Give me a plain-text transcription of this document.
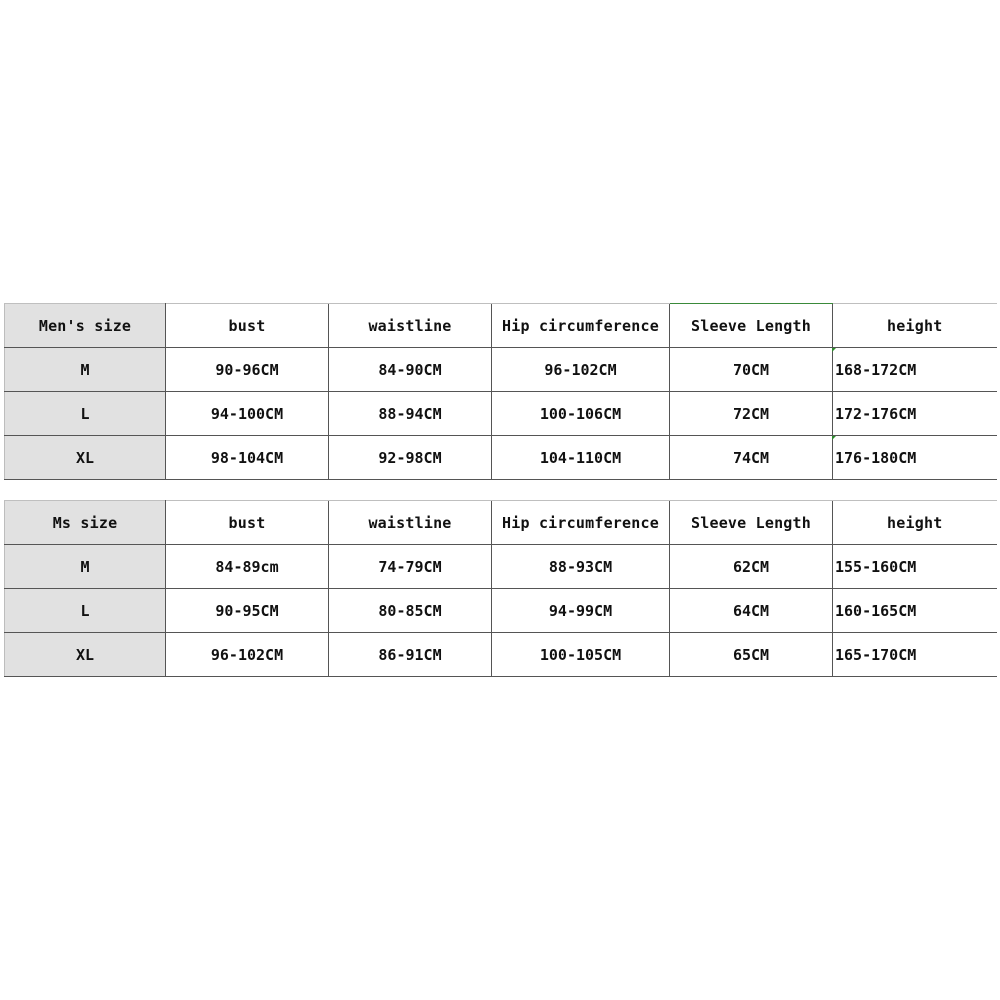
Men's size	bust	waistline	Hip circumference	Sleeve Length	height
M	90-96CM	84-90CM	96-102CM	70CM	168-172CM
L	94-100CM	88-94CM	100-106CM	72CM	172-176CM
XL	98-104CM	92-98CM	104-110CM	74CM	176-180CM
Ms size	bust	waistline	Hip circumference	Sleeve Length	height
M	84-89cm	74-79CM	88-93CM	62CM	155-160CM
L	90-95CM	80-85CM	94-99CM	64CM	160-165CM
XL	96-102CM	86-91CM	100-105CM	65CM	165-170CM
